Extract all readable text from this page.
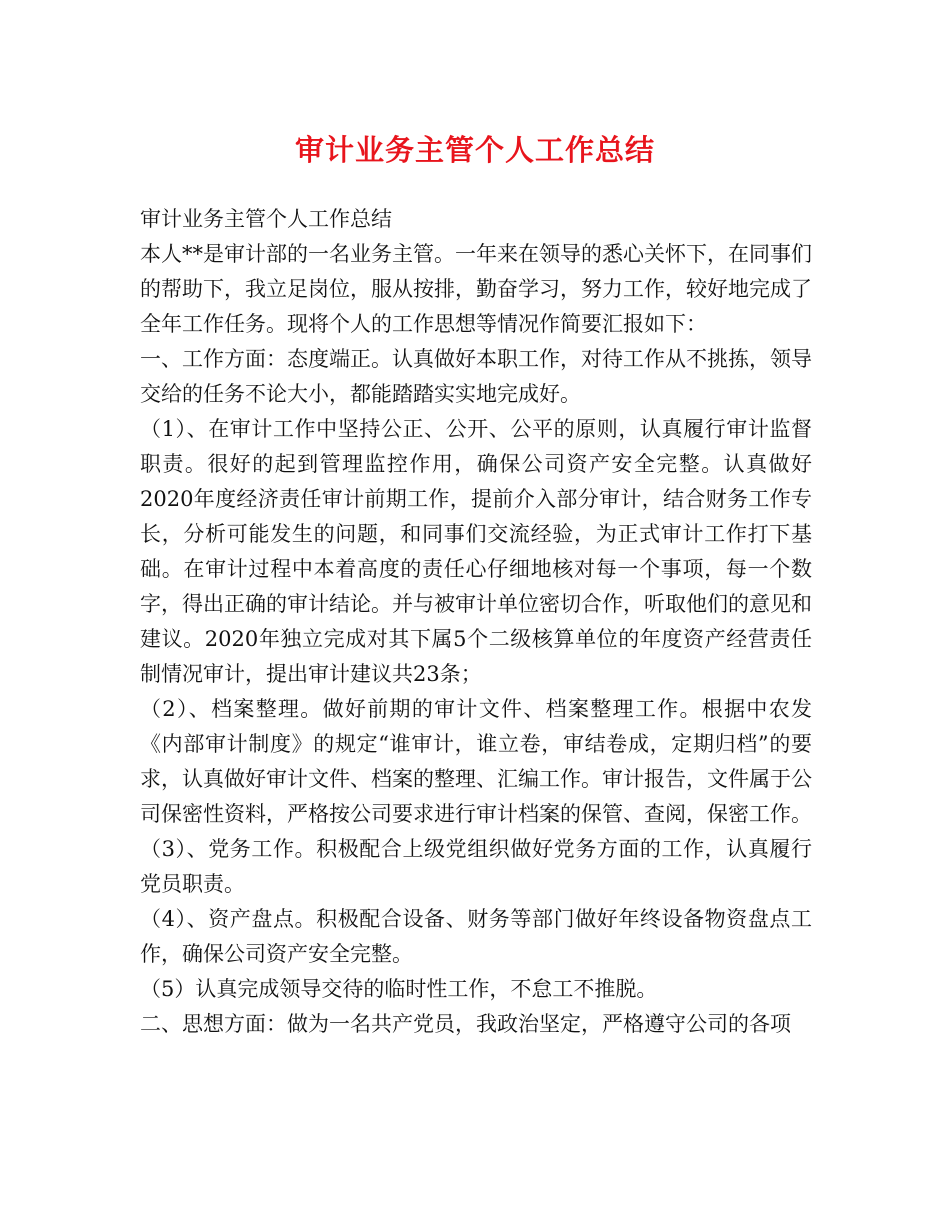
审计业务主管个人工作总结

审计业务主管个人工作总结

本人**是审计部的一名业务主管。一年来在领导的悉心关怀下，在同事们的帮助下，我立足岗位，服从按排，勤奋学习，努力工作，较好地完成了全年工作任务。现将个人的工作思想等情况作简要汇报如下：

一、工作方面：态度端正。认真做好本职工作，对待工作从不挑拣，领导交给的任务不论大小，都能踏踏实实地完成好。

（1）、在审计工作中坚持公正、公开、公平的原则，认真履行审计监督职责。很好的起到管理监控作用，确保公司资产安全完整。认真做好2020年度经济责任审计前期工作，提前介入部分审计，结合财务工作专长，分析可能发生的问题，和同事们交流经验，为正式审计工作打下基础。在审计过程中本着高度的责任心仔细地核对每一个事项，每一个数字，得出正确的审计结论。并与被审计单位密切合作，听取他们的意见和建议。2020年独立完成对其下属5个二级核算单位的年度资产经营责任制情况审计，提出审计建议共23条；

（2）、档案整理。做好前期的审计文件、档案整理工作。根据中农发《内部审计制度》的规定“谁审计，谁立卷，审结卷成，定期归档”的要求，认真做好审计文件、档案的整理、汇编工作。审计报告，文件属于公司保密性资料，严格按公司要求进行审计档案的保管、查阅，保密工作。

（3）、党务工作。积极配合上级党组织做好党务方面的工作，认真履行党员职责。

（4）、资产盘点。积极配合设备、财务等部门做好年终设备物资盘点工作，确保公司资产安全完整。

（5）认真完成领导交待的临时性工作，不怠工不推脱。

二、思想方面：做为一名共产党员，我政治坚定，严格遵守公司的各项
